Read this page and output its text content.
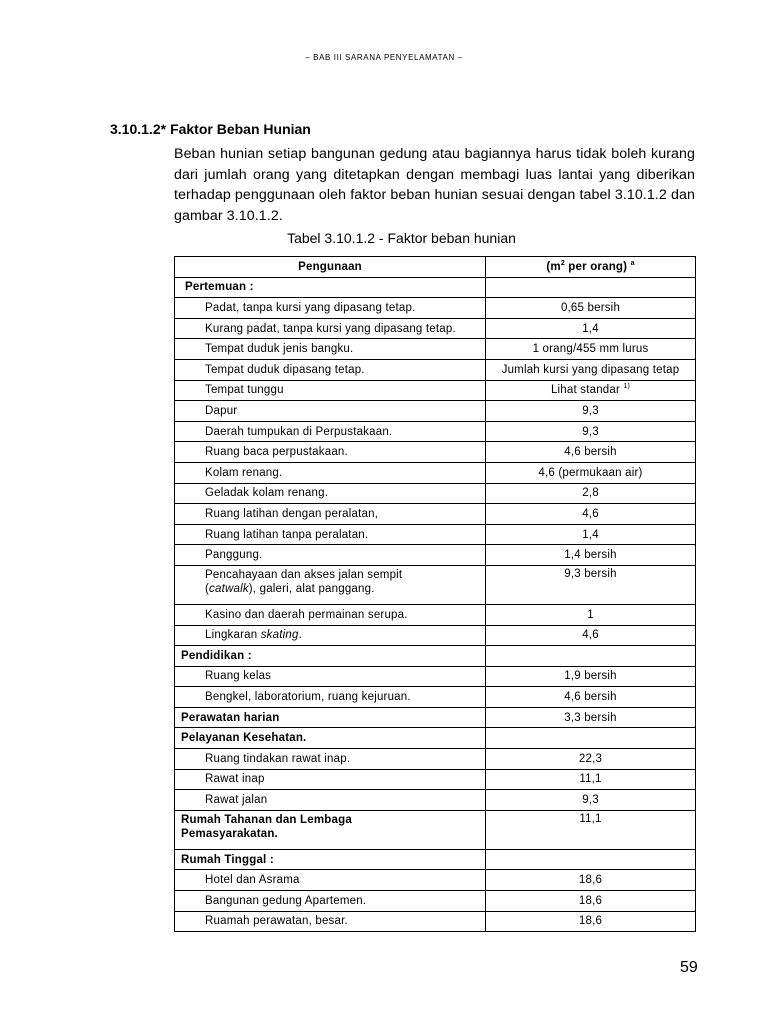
– BAB III SARANA PENYELAMATAN –
3.10.1.2* Faktor Beban Hunian
Beban hunian setiap bangunan gedung atau bagiannya harus tidak boleh kurang dari jumlah orang yang ditetapkan dengan membagi luas lantai yang diberikan terhadap penggunaan oleh faktor beban hunian sesuai dengan tabel 3.10.1.2 dan gambar 3.10.1.2.
Tabel 3.10.1.2 - Faktor beban hunian
Pengunaan	($m^2$ per orang) $^a$
Pertemuan :	
Padat, tanpa kursi yang dipasang tetap.	0,65 bersih
Kurang padat, tanpa kursi yang dipasang tetap.	1,4
Tempat duduk jenis bangku.	1 orang/455 mm lurus
Tempat duduk dipasang tetap.	Jumlah kursi yang dipasang tetap
Tempat tunggu	Lihat standar $^{1)}$
Dapur	9,3
Daerah tumpukan di Perpustakaan.	9,3
Ruang baca perpustakaan.	4,6 bersih
Kolam renang.	4,6 (permukaan air)
Geladak kolam renang.	2,8
Ruang latihan dengan peralatan,	4,6
Ruang latihan tanpa peralatan.	1,4
Panggung.	1,4 bersih
Pencahayaan dan akses jalan sempit
(catwalk), galeri, alat panggang.	9,3 bersih
Kasino dan daerah permainan serupa.	1
Lingkaran skating.	4,6
Pendidikan :	
Ruang kelas	1,9 bersih
Bengkel, laboratorium, ruang kejuruan.	4,6 bersih
Perawatan harian	3,3 bersih
Pelayanan Kesehatan.	
Ruang tindakan rawat inap.	22,3
Rawat inap	11,1
Rawat jalan	9,3
Rumah Tahanan dan Lembaga
Pemasyarakatan.	11,1
Rumah Tinggal :	
Hotel dan Asrama	18,6
Bangunan gedung Apartemen.	18,6
Ruamah perawatan, besar.	18,6
59
